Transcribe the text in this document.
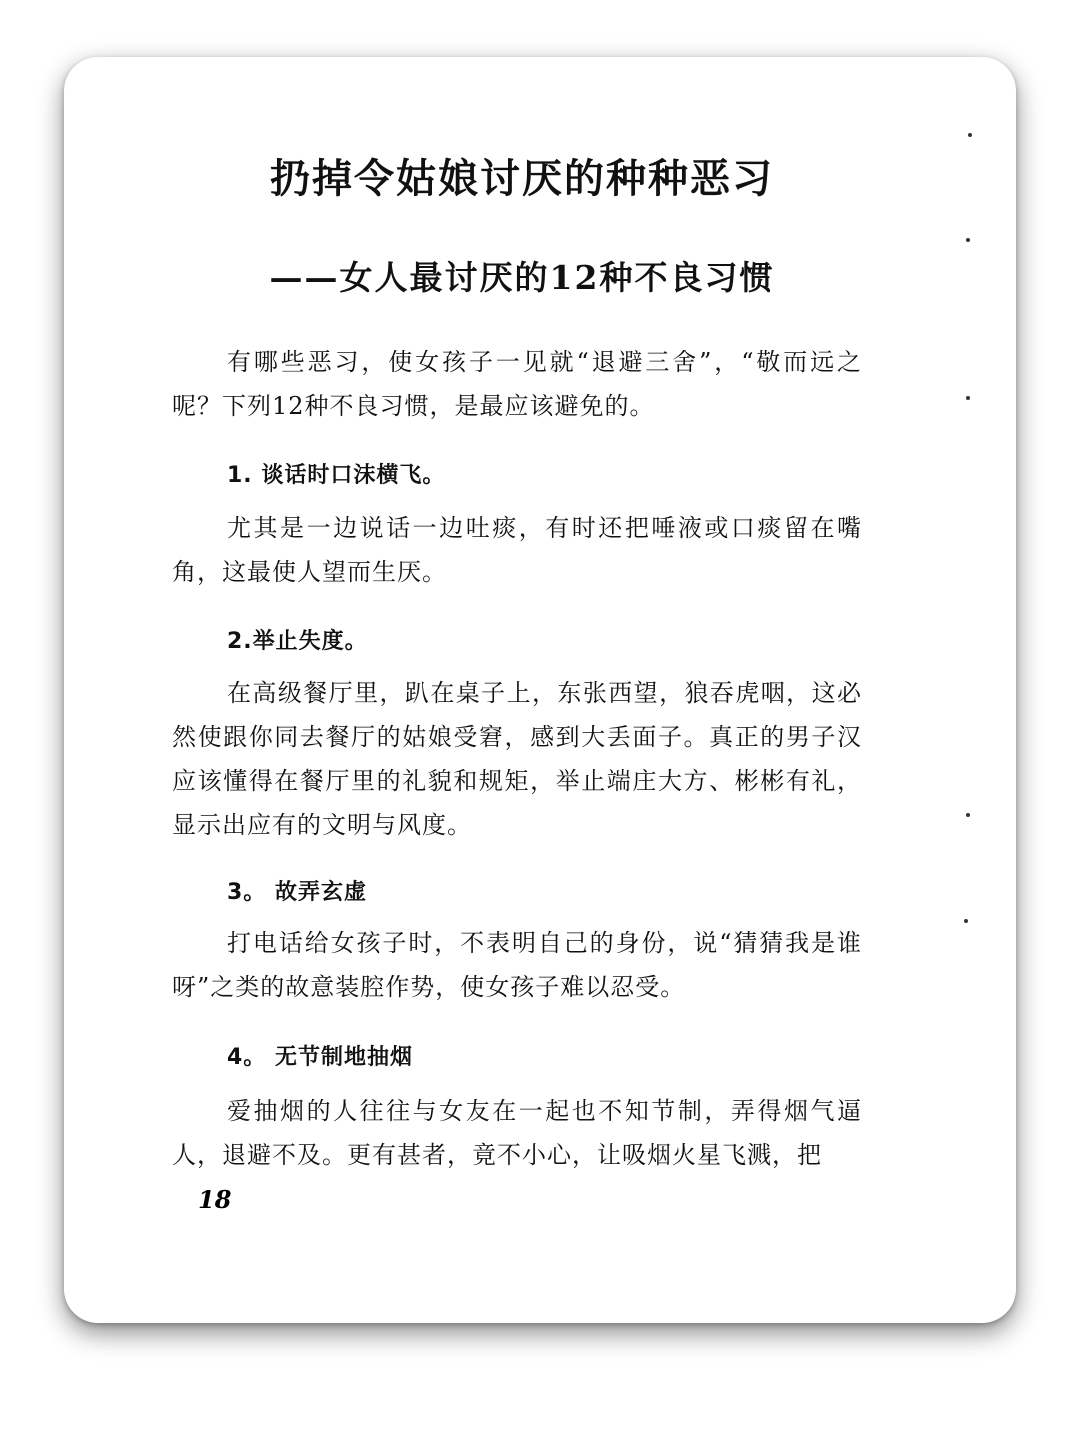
扔掉令姑娘讨厌的种种恶习
——女人最讨厌的12种不良习惯

有哪些恶习，使女孩子一见就“退避三舍”，“敬而远之呢？下列12种不良习惯，是最应该避免的。

1. 谈话时口沫横飞。

尤其是一边说话一边吐痰，有时还把唾液或口痰留在嘴角，这最使人望而生厌。

2.举止失度。

在高级餐厅里，趴在桌子上，东张西望，狼吞虎咽，这必然使跟你同去餐厅的姑娘受窘，感到大丢面子。真正的男子汉应该懂得在餐厅里的礼貌和规矩，举止端庄大方、彬彬有礼，显示出应有的文明与风度。

3。 故弄玄虚

打电话给女孩子时，不表明自己的身份，说“猜猜我是谁呀”之类的故意装腔作势，使女孩子难以忍受。

4。 无节制地抽烟

爱抽烟的人往往与女友在一起也不知节制，弄得烟气逼人，退避不及。更有甚者，竟不小心，让吸烟火星飞溅，把

18
